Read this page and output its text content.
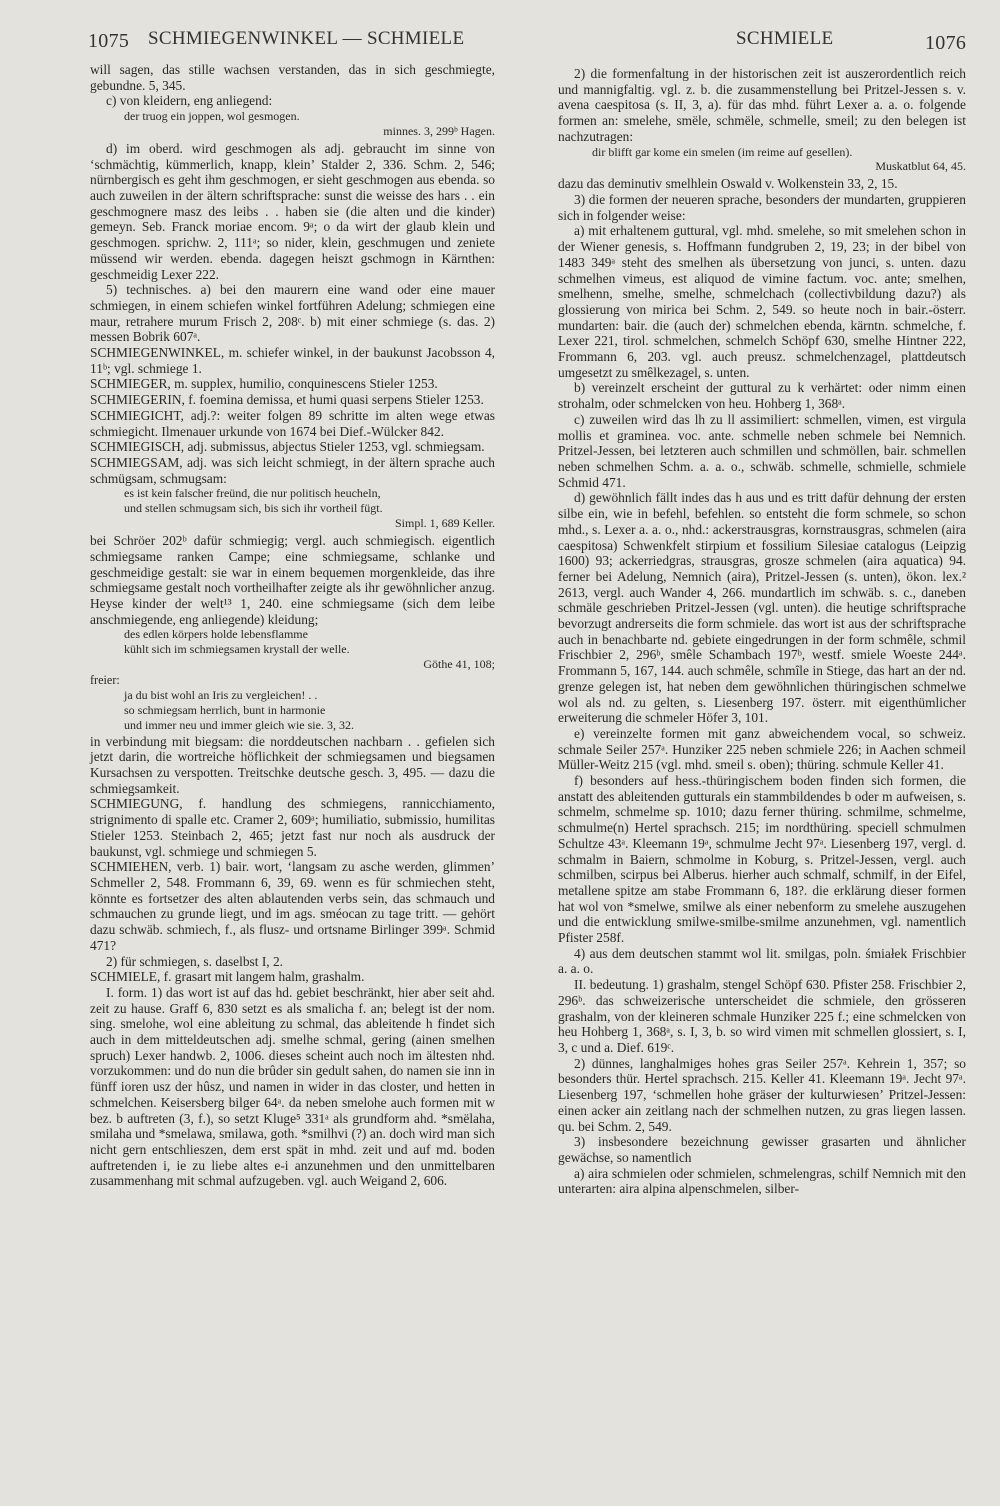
1075 SCHMIEGENWINKEL — SCHMIELE	SCHMIELE	1076

will sagen, das stille wachsen verstanden, das in sich geschmiegte, gebundne. 5, 345.

c) von kleidern, eng anliegend:

der truog ein joppen, wol gesmogen.
minnes. 3, 299ᵇ Hagen.

d) im oberd. wird geschmogen als adj. gebraucht im sinne von ‘schmächtig, kümmerlich, knapp, klein’ Stalder 2, 336. Schm. 2, 546; nürnbergisch es geht ihm geschmogen, er sieht geschmogen aus ebenda. so auch zuweilen in der ältern schriftsprache: sunst die weisse des hars . . ein geschmognere masz des leibs . . haben sie (die alten und die kinder) gemeyn. Seb. Franck moriae encom. 9ᵃ; o da wirt der glaub klein und geschmogen. sprichw. 2, 111ᵃ; so nider, klein, geschmugen und zeniete müssend wir werden. ebenda. dagegen heiszt gschmogn in Kärnthen: geschmeidig Lexer 222.

5) technisches. a) bei den maurern eine wand oder eine mauer schmiegen, in einem schiefen winkel fortführen Adelung; schmiegen eine maur, retrahere murum Frisch 2, 208ᶜ. b) mit einer schmiege (s. das. 2) messen Bobrik 607ᵃ.

SCHMIEGENWINKEL, m. schiefer winkel, in der baukunst Jacobsson 4, 11ᵇ; vgl. schmiege 1.

SCHMIEGER, m. supplex, humilio, conquinescens Stieler 1253.

SCHMIEGERIN, f. foemina demissa, et humi quasi serpens Stieler 1253.

SCHMIEGICHT, adj.?: weiter folgen 89 schritte im alten wege etwas schmiegicht. Ilmenauer urkunde von 1674 bei Dief.-Wülcker 842.

SCHMIEGISCH, adj. submissus, abjectus Stieler 1253, vgl. schmiegsam.

SCHMIEGSAM, adj. was sich leicht schmiegt, in der ältern sprache auch schmügsam, schmugsam:

es ist kein falscher freünd, die nur politisch heucheln,
und stellen schmugsam sich, bis sich ihr vortheil fügt.
Simpl. 1, 689 Keller.

bei Schröer 202ᵇ dafür schmiegig; vergl. auch schmiegisch. eigentlich schmiegsame ranken Campe; eine schmiegsame, schlanke und geschmeidige gestalt: sie war in einem bequemen morgenkleide, das ihre schmiegsame gestalt noch vortheilhafter zeigte als ihr gewöhnlicher anzug. Heyse kinder der welt¹³ 1, 240. eine schmiegsame (sich dem leibe anschmiegende, eng anliegende) kleidung;

des edlen körpers holde lebensflamme
kühlt sich im schmiegsamen krystall der welle.
Göthe 41, 108;
freier:
ja du bist wohl an Iris zu vergleichen! . .
so schmiegsam herrlich, bunt in harmonie
und immer neu und immer gleich wie sie. 3, 32.

in verbindung mit biegsam: die norddeutschen nachbarn . . gefielen sich jetzt darin, die wortreiche höflichkeit der schmiegsamen und biegsamen Kursachsen zu verspotten. Treitschke deutsche gesch. 3, 495. — dazu die schmiegsamkeit.

SCHMIEGUNG, f. handlung des schmiegens, rannicchiamento, strignimento di spalle etc. Cramer 2, 609ᵃ; humiliatio, submissio, humilitas Stieler 1253. Steinbach 2, 465; jetzt fast nur noch als ausdruck der baukunst, vgl. schmiege und schmiegen 5.

SCHMIEHEN, verb. 1) bair. wort, ‘langsam zu asche werden, glimmen’ Schmeller 2, 548. Frommann 6, 39, 69. wenn es für schmiechen steht, könnte es fortsetzer des alten ablautenden verbs sein, das schmauch und schmauchen zu grunde liegt, und im ags. sméocan zu tage tritt. — gehört dazu schwäb. schmiech, f., als flusz- und ortsname Birlinger 399ᵃ. Schmid 471?

2) für schmiegen, s. daselbst I, 2.

SCHMIELE, f. grasart mit langem halm, grashalm.

I. form. 1) das wort ist auf das hd. gebiet beschränkt, hier aber seit ahd. zeit zu hause. Graff 6, 830 setzt es als smalicha f. an; belegt ist der nom. sing. smelohe, wol eine ableitung zu schmal, das ableitende h findet sich auch in dem mitteldeutschen adj. smelhe schmal, gering (ainen smelhen spruch) Lexer handwb. 2, 1006. dieses scheint auch noch im ältesten nhd. vorzukommen: und do nun die brûder sin gedult sahen, do namen sie inn in fünff ioren usz der hûsz, und namen in wider in das closter, und hetten in schmelchen. Keisersberg bilger 64ᵃ. da neben smelohe auch formen mit w bez. b auftreten (3, f.), so setzt Kluge⁵ 331ᵃ als grundform ahd. *smëlaha, smilaha und *smelawa, smilawa, goth. *smilhvi (?) an. doch wird man sich nicht gern entschlieszen, dem erst spät in mhd. zeit und auf md. boden auftretenden i, ie zu liebe altes e-i anzunehmen und den unmittelbaren zusammenhang mit schmal aufzugeben. vgl. auch Weigand 2, 606.

2) die formenfaltung in der historischen zeit ist auszerordentlich reich und mannigfaltig. vgl. z. b. die zusammenstellung bei Pritzel-Jessen s. v. avena caespitosa (s. II, 3, a). für das mhd. führt Lexer a. a. o. folgende formen an: smelehe, smële, schmële, schmelle, smeil; zu den belegen ist nachzutragen:

dir blifft gar kome ein smelen (im reime auf gesellen).
Muskatblut 64, 45.

dazu das deminutiv smelhlein Oswald v. Wolkenstein 33, 2, 15.

3) die formen der neueren sprache, besonders der mundarten, gruppieren sich in folgender weise:

a) mit erhaltenem guttural, vgl. mhd. smelehe, so mit smelehen schon in der Wiener genesis, s. Hoffmann fundgruben 2, 19, 23; in der bibel von 1483 349ᵃ steht des smelhen als übersetzung von junci, s. unten. dazu schmelhen vimeus, est aliquod de vimine factum. voc. ante; smelhen, smelhenn, smelhe, smelhe, schmelchach (collectivbildung dazu?) als glossierung von mirica bei Schm. 2, 549. so heute noch in bair.-österr. mundarten: bair. die (auch der) schmelchen ebenda, kärntn. schmelche, f. Lexer 221, tirol. schmelchen, schmelch Schöpf 630, smelhe Hintner 222, Frommann 6, 203. vgl. auch preusz. schmelchenzagel, plattdeutsch umgesetzt zu smêlkezagel, s. unten.

b) vereinzelt erscheint der guttural zu k verhärtet: oder nimm einen strohalm, oder schmelcken von heu. Hohberg 1, 368ᵃ.

c) zuweilen wird das lh zu ll assimiliert: schmellen, vimen, est virgula mollis et graminea. voc. ante. schmelle neben schmele bei Nemnich. Pritzel-Jessen, bei letzteren auch schmillen und schmöllen, bair. schmellen neben schmelhen Schm. a. a. o., schwäb. schmelle, schmielle, schmiele Schmid 471.

d) gewöhnlich fällt indes das h aus und es tritt dafür dehnung der ersten silbe ein, wie in befehl, befehlen. so entsteht die form schmele, so schon mhd., s. Lexer a. a. o., nhd.: ackerstrausgras, kornstrausgras, schmelen (aira caespitosa) Schwenkfelt stirpium et fossilium Silesiae catalogus (Leipzig 1600) 93; ackerriedgras, strausgras, grosze schmelen (aira aquatica) 94. ferner bei Adelung, Nemnich (aira), Pritzel-Jessen (s. unten), ökon. lex.² 2613, vergl. auch Wander 4, 266. mundartlich im schwäb. s. c., daneben schmäle geschrieben Pritzel-Jessen (vgl. unten). die heutige schriftsprache bevorzugt andrerseits die form schmiele. das wort ist aus der schriftsprache auch in benachbarte nd. gebiete eingedrungen in der form schmêle, schmil Frischbier 2, 296ᵇ, smêle Schambach 197ᵇ, westf. smiele Woeste 244ᵃ. Frommann 5, 167, 144. auch schmêle, schmîle in Stiege, das hart an der nd. grenze gelegen ist, hat neben dem gewöhnlichen thüringischen schmelwe wol als nd. zu gelten, s. Liesenberg 197. österr. mit eigenthümlicher erweiterung die schmeler Höfer 3, 101.

e) vereinzelte formen mit ganz abweichendem vocal, so schweiz. schmale Seiler 257ᵃ. Hunziker 225 neben schmiele 226; in Aachen schmeil Müller-Weitz 215 (vgl. mhd. smeil s. oben); thüring. schmule Keller 41.

f) besonders auf hess.-thüringischem boden finden sich formen, die anstatt des ableitenden gutturals ein stammbildendes b oder m aufweisen, s. schmelm, schmelme sp. 1010; dazu ferner thüring. schmilme, schmelme, schmulme(n) Hertel sprachsch. 215; im nordthüring. speciell schmulmen Schultze 43ᵃ. Kleemann 19ᵃ, schmulme Jecht 97ᵃ. Liesenberg 197, vergl. d. schmalm in Baiern, schmolme in Koburg, s. Pritzel-Jessen, vergl. auch schmilben, scirpus bei Alberus. hierher auch schmalf, schmilf, in der Eifel, metallene spitze am stabe Frommann 6, 18?. die erklärung dieser formen hat wol von *smelwe, smilwe als einer nebenform zu smelehe auszugehen und die entwicklung smilwe-smilbe-smilme anzunehmen, vgl. namentlich Pfister 258f.

4) aus dem deutschen stammt wol lit. smilgas, poln. śmiałek Frischbier a. a. o.

II. bedeutung. 1) grashalm, stengel Schöpf 630. Pfister 258. Frischbier 2, 296ᵇ. das schweizerische unterscheidet die schmiele, den grösseren grashalm, von der kleineren schmale Hunziker 225 f.; eine schmelcken von heu Hohberg 1, 368ᵃ, s. I, 3, b. so wird vimen mit schmellen glossiert, s. I, 3, c und a. Dief. 619ᶜ.

2) dünnes, langhalmiges hohes gras Seiler 257ᵃ. Kehrein 1, 357; so besonders thür. Hertel sprachsch. 215. Keller 41. Kleemann 19ᵃ. Jecht 97ᵃ. Liesenberg 197, ‘schmellen hohe gräser der kulturwiesen’ Pritzel-Jessen: einen acker ain zeitlang nach der schmelhen nutzen, zu gras liegen lassen. qu. bei Schm. 2, 549.

3) insbesondere bezeichnung gewisser grasarten und ähnlicher gewächse, so namentlich

a) aira schmielen oder schmielen, schmelengras, schilf Nemnich mit den unterarten: aira alpina alpenschmelen, silber-
